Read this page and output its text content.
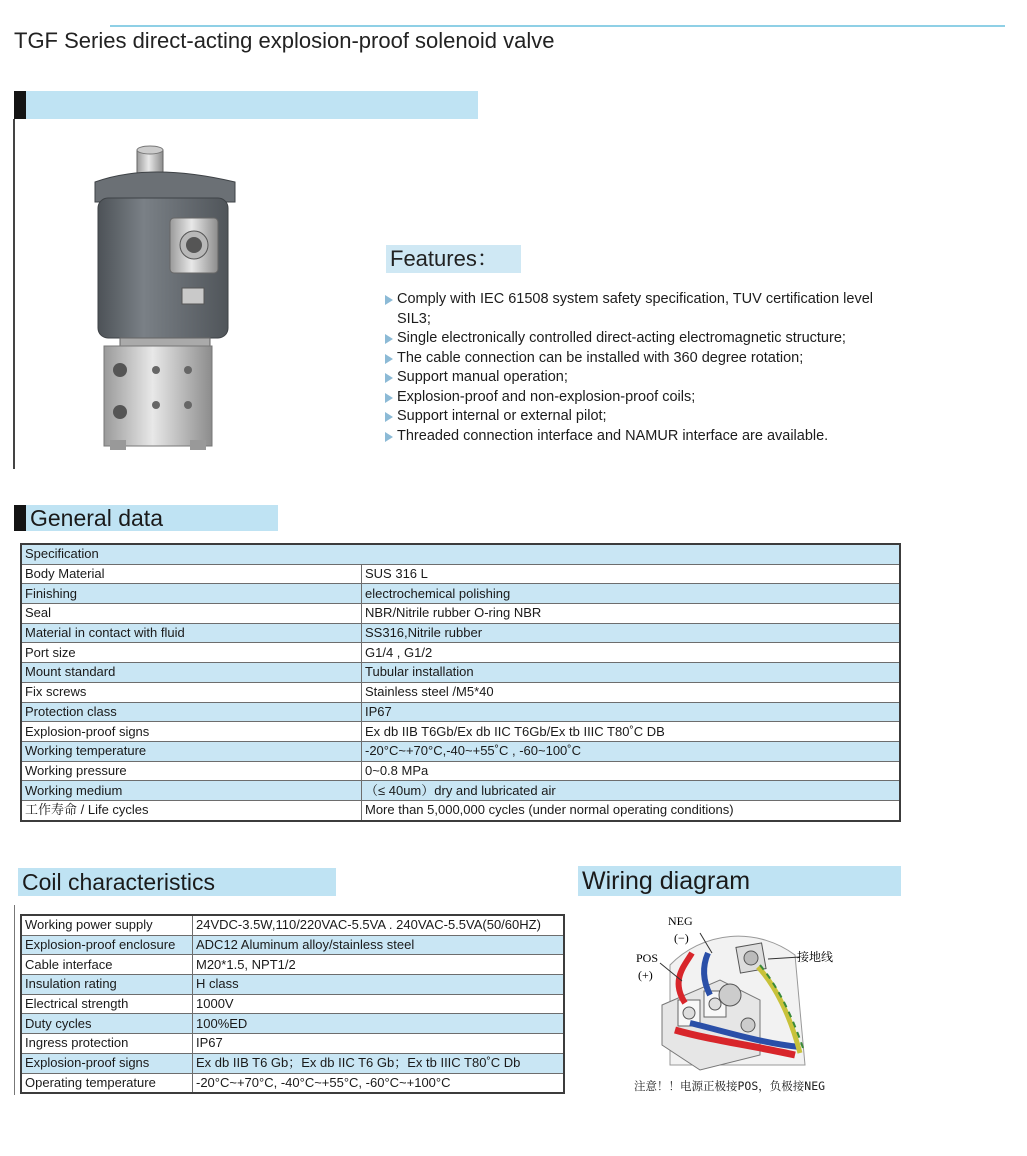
TGF Series direct-acting explosion-proof solenoid valve
Features：
Comply with IEC 61508 system safety specification, TUV certification level SIL3;
Single electronically controlled direct-acting electromagnetic structure;
The cable connection can be installed with 360 degree rotation;
Support manual operation;
Explosion-proof and non-explosion-proof coils;
Support internal or external pilot;
Threaded connection interface and NAMUR interface are available.
General data
Specification	
Body Material	SUS 316 L
Finishing	electrochemical polishing
Seal	NBR/Nitrile rubber O-ring NBR
Material in contact with fluid	SS316,Nitrile rubber
Port size	G1/4 , G1/2
Mount standard	Tubular installation
Fix screws	Stainless steel /M5*40
Protection class	IP67
Explosion-proof signs	Ex db IIB T6Gb/Ex db IIC T6Gb/Ex tb IIIC T80˚C DB
Working temperature	-20°C~+70°C,-40~+55˚C , -60~100˚C
Working pressure	0~0.8 MPa
Working medium	（≤ 40um）dry and lubricated air
工作寿命 / Life cycles	More than 5,000,000 cycles (under normal operating conditions)
Coil characteristics
Working power supply	24VDC-3.5W,110/220VAC-5.5VA . 240VAC-5.5VA(50/60HZ)
Explosion-proof enclosure	ADC12 Aluminum alloy/stainless steel
Cable interface	M20*1.5, NPT1/2
Insulation rating	H class
Electrical strength	1000V
Duty cycles	100%ED
Ingress protection	IP67
Explosion-proof signs	Ex db IIB T6 Gb；Ex db IIC T6 Gb；Ex tb IIIC T80˚C Db
Operating temperature	-20°C~+70°C, -40°C~+55°C, -60°C~+100°C
Wiring diagram
NEG
(−)
POS
(+)
接地线
注意！！电源正极接POS，负极接NEG
